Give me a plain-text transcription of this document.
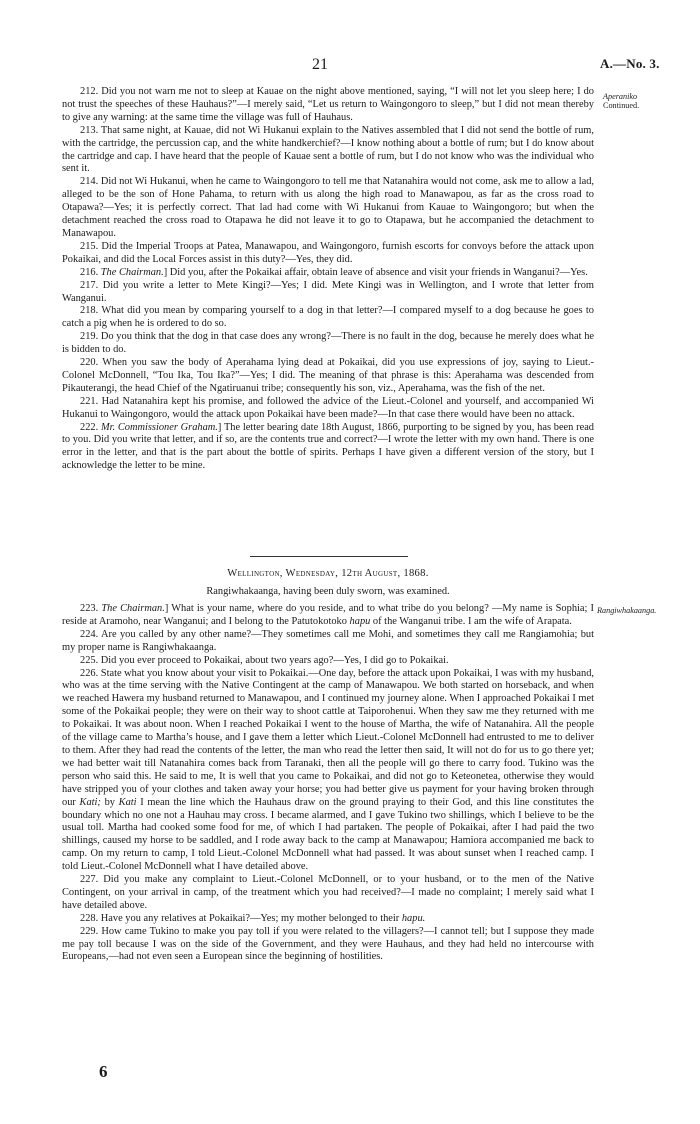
21	A.—No. 3.
Aperaniko
Continued.

212. Did you not warn me not to sleep at Kauae on the night above mentioned, saying, “I will not let you sleep here; I do not trust the speeches of these Hauhaus?”—I merely said, “Let us return to Waingongoro to sleep,” but I did not mean thereby to give any warning: at the same time the village was full of Hauhaus.

213. That same night, at Kauae, did not Wi Hukanui explain to the Natives assembled that I did not send the bottle of rum, with the cartridge, the percussion cap, and the white handkerchief?—I know nothing about a bottle of rum; but I do know about the cartridge and cap. I have heard that the people of Kauae sent a bottle of rum, but I do not know who was the individual who sent it.

214. Did not Wi Hukanui, when he came to Waingongoro to tell me that Natanahira would not come, ask me to allow a lad, alleged to be the son of Hone Pahama, to return with us along the high road to Manawapou, as far as the cross road to Otapawa?—Yes; it is perfectly correct. That lad had come with Wi Hukanui from Kauae to Waingongoro; but when the detachment reached the cross road to Otapawa he did not leave it to go to Otapawa, but he accompanied the detachment to Manawapou.

215. Did the Imperial Troops at Patea, Manawapou, and Waingongoro, furnish escorts for convoys before the attack upon Pokaikai, and did the Local Forces assist in this duty?—Yes, they did.

216. The Chairman.] Did you, after the Pokaikai affair, obtain leave of absence and visit your friends in Wanganui?—Yes.

217. Did you write a letter to Mete Kingi?—Yes; I did. Mete Kingi was in Wellington, and I wrote that letter from Wanganui.

218. What did you mean by comparing yourself to a dog in that letter?—I compared myself to a dog because he goes to catch a pig when he is ordered to do so.

219. Do you think that the dog in that case does any wrong?—There is no fault in the dog, because he merely does what he is bidden to do.

220. When you saw the body of Aperahama lying dead at Pokaikai, did you use expressions of joy, saying to Lieut.-Colonel McDonnell, “Tou Ika, Tou Ika?”—Yes; I did. The meaning of that phrase is this: Aperahama was descended from Pikauterangi, the head Chief of the Ngatiruanui tribe; consequently his son, viz., Aperahama, was the fish of the net.

221. Had Natanahira kept his promise, and followed the advice of the Lieut.-Colonel and yourself, and accompanied Wi Hukanui to Waingongoro, would the attack upon Pokaikai have been made?—In that case there would have been no attack.

222. Mr. Commissioner Graham.] The letter bearing date 18th August, 1866, purporting to be signed by you, has been read to you. Did you write that letter, and if so, are the contents true and correct?—I wrote the letter with my own hand. There is one error in the letter, and that is the part about the bottle of spirits. Perhaps I have given a different version of the story, but I acknowledge the letter to be mine.

Wellington, Wednesday, 12th August, 1868.
Rangiwhakaanga, having been duly sworn, was examined.
Rangiwhakaanga.

223. The Chairman.] What is your name, where do you reside, and to what tribe do you belong? —My name is Sophia; I reside at Aramoho, near Wanganui; and I belong to the Patutokotoko hapu of the Wanganui tribe. I am the wife of Arapata.

224. Are you called by any other name?—They sometimes call me Mohi, and sometimes they call me Rangiamohia; but my proper name is Rangiwhakaanga.

225. Did you ever proceed to Pokaikai, about two years ago?—Yes, I did go to Pokaikai.

226. State what you know about your visit to Pokaikai.—One day, before the attack upon Pokaikai, I was with my husband, who was at the time serving with the Native Contingent at the camp of Manawapou. We both started on horseback, and when we reached Hawera my husband returned to Manawapou, and I continued my journey alone. When I approached Pokaikai I met some of the Pokaikai people; they were on their way to shoot cattle at Taiporohenui. When they saw me they returned with me to Pokaikai. It was about noon. When I reached Pokaikai I went to the house of Martha, the wife of Natanahira. All the people of the village came to Martha’s house, and I gave them a letter which Lieut.-Colonel McDonnell had entrusted to me to deliver to them. After they had read the contents of the letter, the man who read the letter then said, It will not do for us to go there yet; we had better wait till Natanahira comes back from Taranaki, then all the people will go there to carry food. Tukino was the person who said this. He said to me, It is well that you came to Pokaikai, and did not go to Keteonetea, otherwise they would have stripped you of your clothes and taken away your horse; you had better give us payment for your having broken through our Kati; by Kati I mean the line which the Hauhaus draw on the ground praying to their God, and this line constitutes the boundary which no one not a Hauhau may cross. I became alarmed, and I gave Tukino two shillings, which I believe to be the usual toll. Martha had cooked some food for me, of which I had partaken. The people of Pokaikai, after I had paid the two shillings, caused my horse to be saddled, and I rode away back to the camp at Manawapou; Hamiora accompanied me back to camp. On my return to camp, I told Lieut.-Colonel McDonnell what had passed. It was about sunset when I reached camp. I told Lieut.-Colonel McDonnell what I have detailed above.

227. Did you make any complaint to Lieut.-Colonel McDonnell, or to your husband, or to the men of the Native Contingent, on your arrival in camp, of the treatment which you had received?—I made no complaint; I merely said what I have detailed above.

228. Have you any relatives at Pokaikai?—Yes; my mother belonged to their hapu.

229. How came Tukino to make you pay toll if you were related to the villagers?—I cannot tell; but I suppose they made me pay toll because I was on the side of the Government, and they were Hauhaus, and they had held no intercourse with Europeans,—had not even seen a European since the beginning of hostilities.

6
